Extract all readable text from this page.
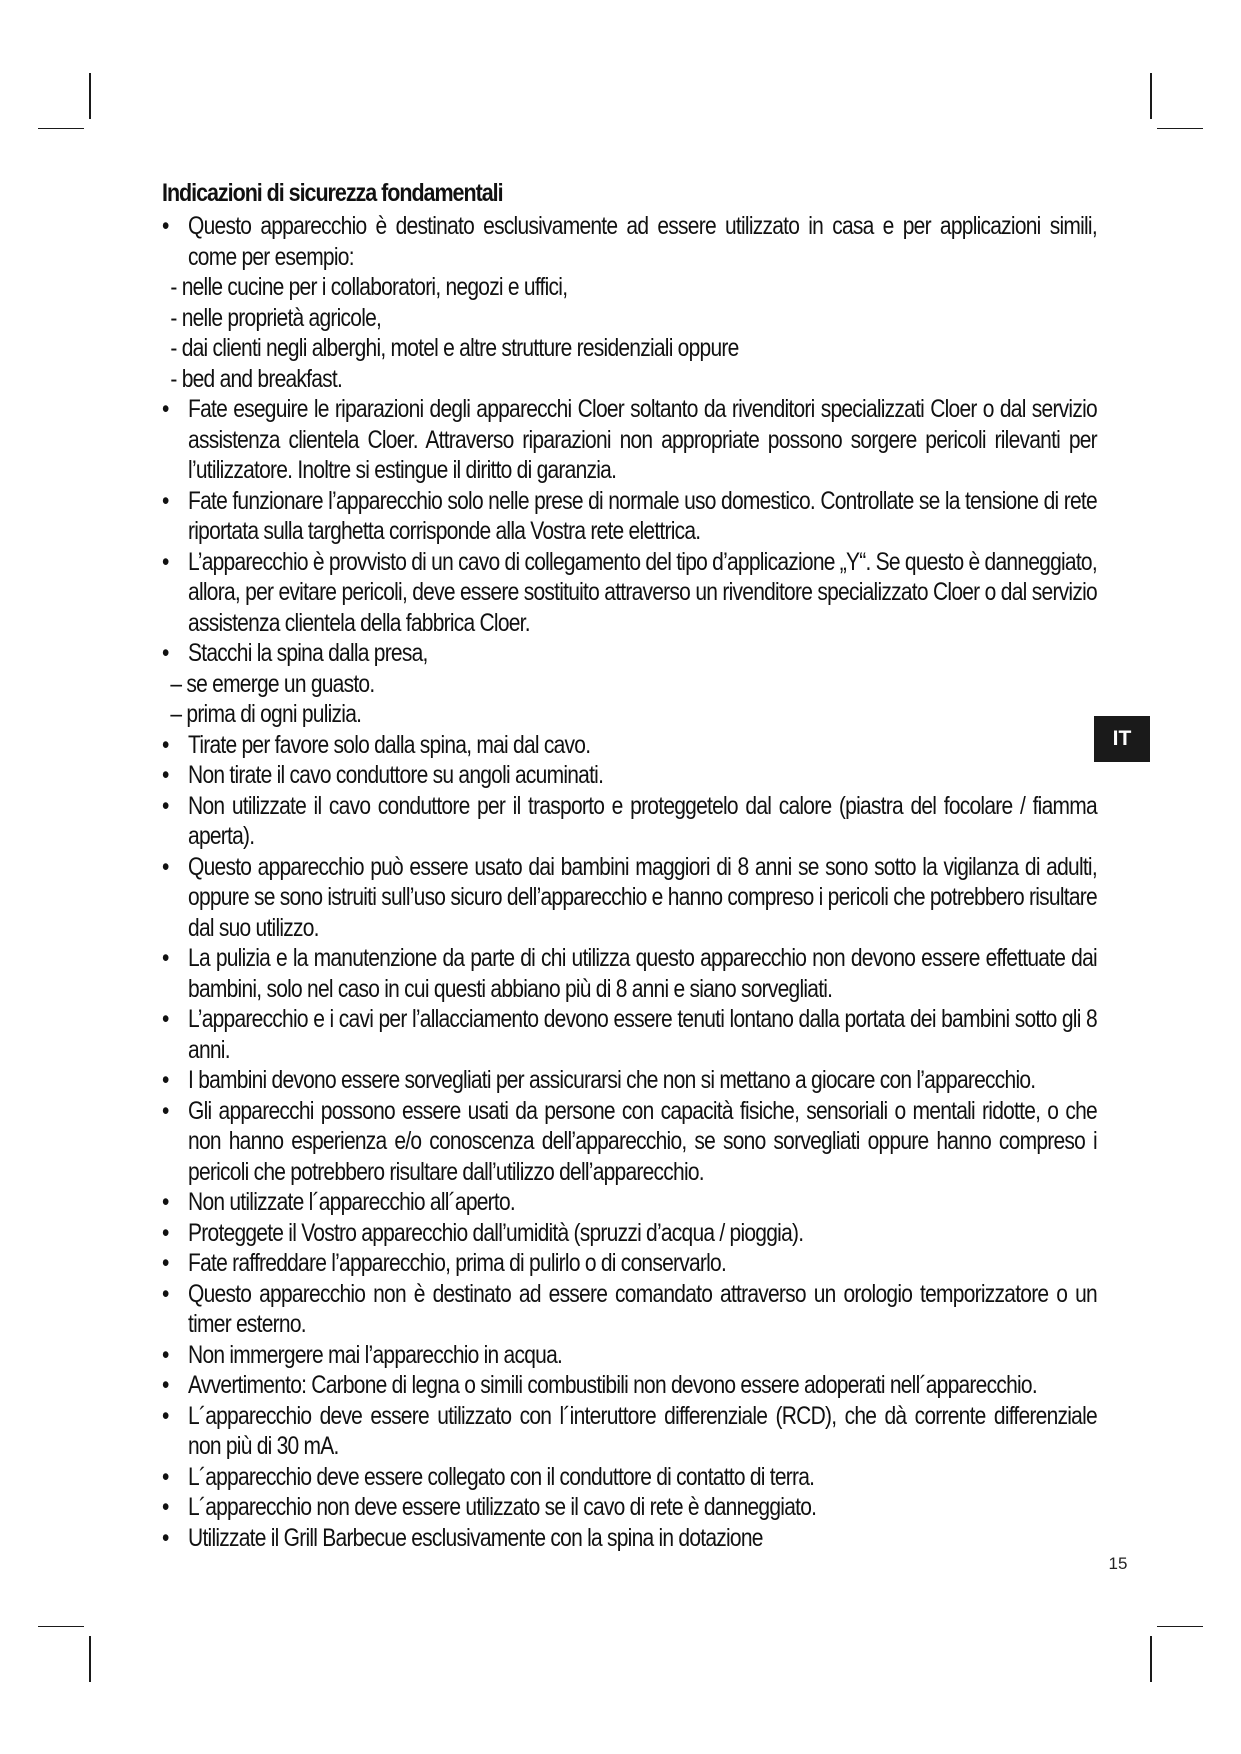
Indicazioni di sicurezza fondamentali
• Questo apparecchio è destinato esclusivamente ad essere utilizzato in casa e per applicazioni simili, come per esempio:
- nelle cucine per i collaboratori, negozi e uffici,
- nelle proprietà agricole,
- dai clienti negli alberghi, motel e altre strutture residenziali oppure
- bed and breakfast.
• Fate eseguire le riparazioni degli apparecchi Cloer soltanto da rivenditori specializzati Cloer o dal servizio assistenza clientela Cloer. Attraverso riparazioni non appropriate possono sorgere pericoli rilevanti per l’utilizzatore. Inoltre si estingue il diritto di garanzia.
• Fate funzionare l’apparecchio solo nelle prese di normale uso domestico. Controllate se la tensione di rete riportata sulla targhetta corrisponde alla Vostra rete elettrica.
• L’apparecchio è provvisto di un cavo di collegamento del tipo d’applicazione „Y“. Se questo è danneggiato, allora, per evitare pericoli, deve essere sostituito attraverso un rivenditore specializzato Cloer o dal servizio assistenza clientela della fabbrica Cloer.
• Stacchi la spina dalla presa,
– se emerge un guasto.
– prima di ogni pulizia.
• Tirate per favore solo dalla spina, mai dal cavo.
• Non tirate il cavo conduttore su angoli acuminati.
• Non utilizzate il cavo conduttore per il trasporto e proteggetelo dal calore (piastra del focolare / fiamma aperta).
• Questo apparecchio può essere usato dai bambini maggiori di 8 anni se sono sotto la vigilanza di adulti, oppure se sono istruiti sull’uso sicuro dell’apparecchio e hanno compreso i pericoli che potrebbero risultare dal suo utilizzo.
• La pulizia e la manutenzione da parte di chi utilizza questo apparecchio non devono essere effettuate dai bambini, solo nel caso in cui questi abbiano più di 8 anni e siano sorvegliati.
• L’apparecchio e i cavi per l’allacciamento devono essere tenuti lontano dalla portata dei bambini sotto gli 8 anni.
• I bambini devono essere sorvegliati per assicurarsi che non si mettano a giocare con l’apparecchio.
• Gli apparecchi possono essere usati da persone con capacità fisiche, sensoriali o mentali ridotte, o che non hanno esperienza e/o conoscenza dell’apparecchio, se sono sorvegliati oppure hanno compreso i pericoli che potrebbero risultare dall’utilizzo dell’apparecchio.
• Non utilizzate l´apparecchio all´aperto.
• Proteggete il Vostro apparecchio dall’umidità (spruzzi d’acqua / pioggia).
• Fate raffreddare l’apparecchio, prima di pulirlo o di conservarlo.
• Questo apparecchio non è destinato ad essere comandato attraverso un orologio temporizzatore o un timer esterno.
• Non immergere mai l’apparecchio in acqua.
• Avvertimento: Carbone di legna o simili combustibili non devono essere adoperati nell´apparecchio.
• L´apparecchio deve essere utilizzato con l´interuttore differenziale (RCD), che dà corrente differenziale non più di 30 mA.
• L´apparecchio deve essere collegato con il conduttore di contatto di terra.
• L´apparecchio non deve essere utilizzato se il cavo di rete è danneggiato.
• Utilizzate il Grill Barbecue esclusivamente con la spina in dotazione
IT
15
